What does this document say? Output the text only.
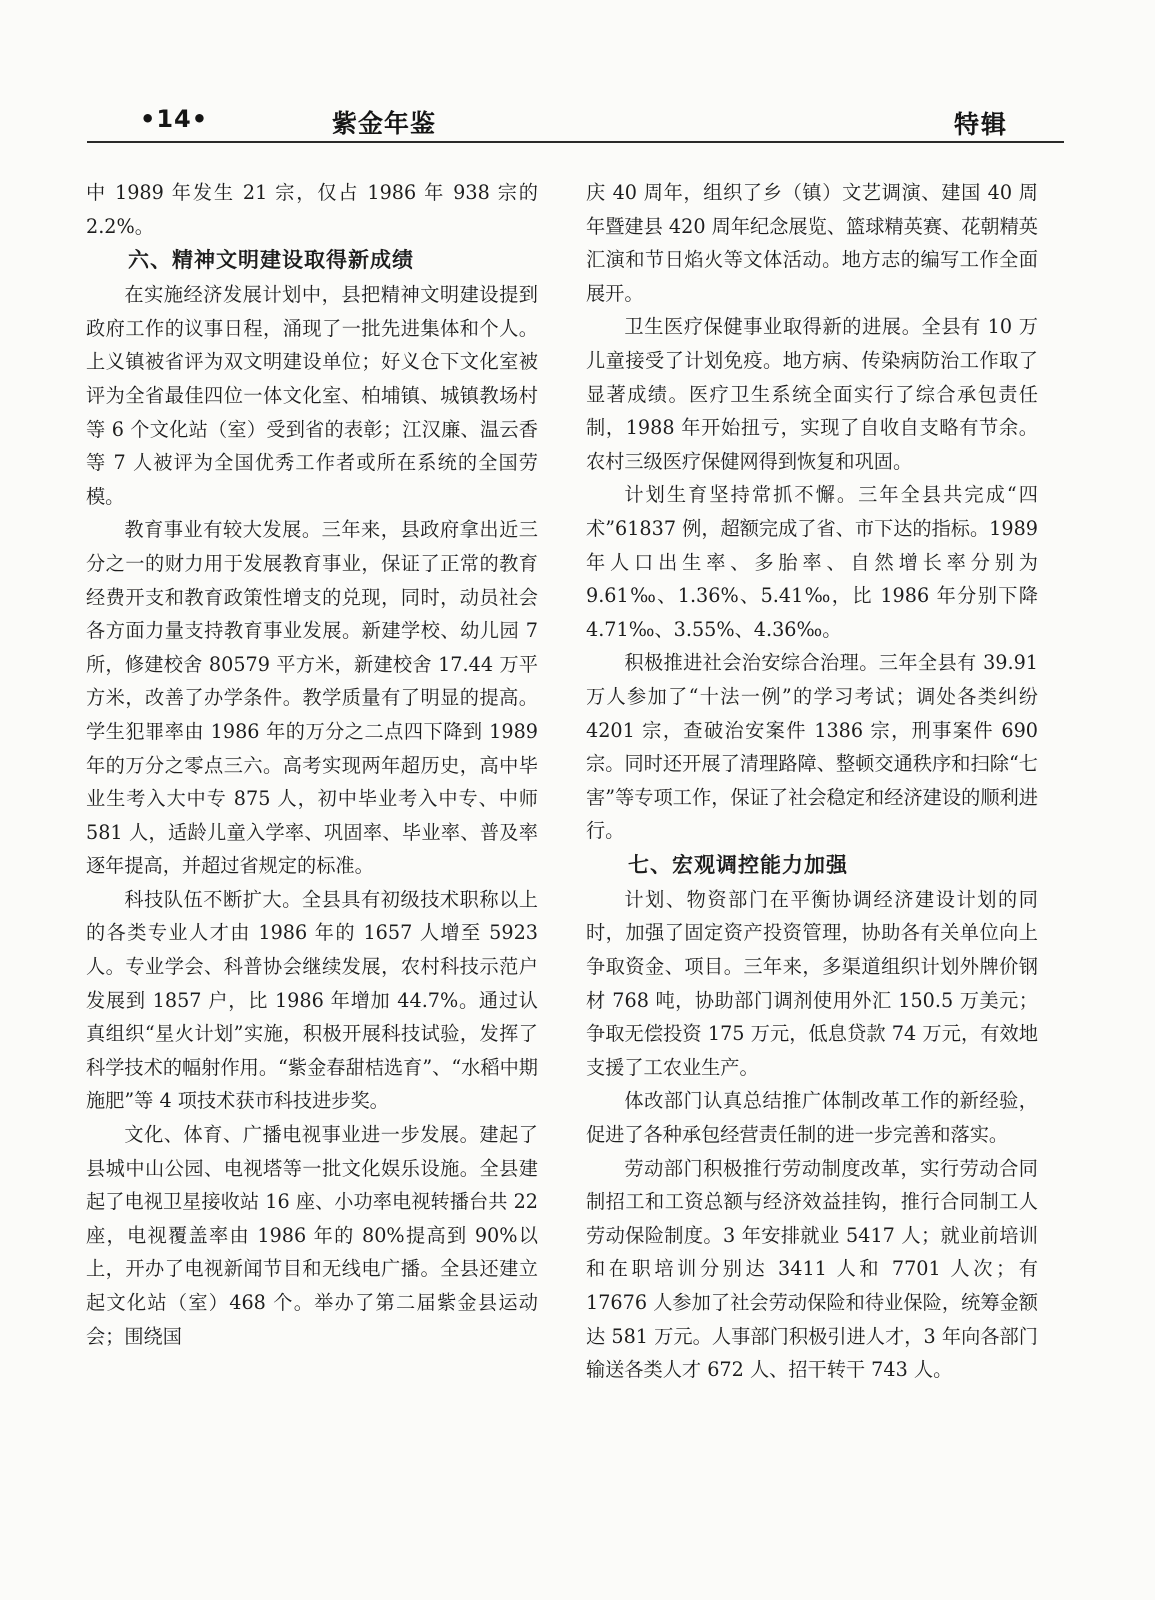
•14•	紫金年鉴	特辑

中 1989 年发生 21 宗，仅占 1986 年 938 宗的 2.2%。

六、精神文明建设取得新成绩

在实施经济发展计划中，县把精神文明建设提到政府工作的议事日程，涌现了一批先进集体和个人。上义镇被省评为双文明建设单位；好义仓下文化室被评为全省最佳四位一体文化室、柏埔镇、城镇教场村等 6 个文化站（室）受到省的表彰；江汉廉、温云香等 7 人被评为全国优秀工作者或所在系统的全国劳模。

教育事业有较大发展。三年来，县政府拿出近三分之一的财力用于发展教育事业，保证了正常的教育经费开支和教育政策性增支的兑现，同时，动员社会各方面力量支持教育事业发展。新建学校、幼儿园 7 所，修建校舍 80579 平方米，新建校舍 17.44 万平方米，改善了办学条件。教学质量有了明显的提高。学生犯罪率由 1986 年的万分之二点四下降到 1989 年的万分之零点三六。高考实现两年超历史，高中毕业生考入大中专 875 人，初中毕业考入中专、中师 581 人，适龄儿童入学率、巩固率、毕业率、普及率逐年提高，并超过省规定的标准。

科技队伍不断扩大。全县具有初级技术职称以上的各类专业人才由 1986 年的 1657 人增至 5923 人。专业学会、科普协会继续发展，农村科技示范户发展到 1857 户，比 1986 年增加 44.7%。通过认真组织“星火计划”实施，积极开展科技试验，发挥了科学技术的幅射作用。“紫金春甜桔选育”、“水稻中期施肥”等 4 项技术获市科技进步奖。

文化、体育、广播电视事业进一步发展。建起了县城中山公园、电视塔等一批文化娱乐设施。全县建起了电视卫星接收站 16 座、小功率电视转播台共 22 座，电视覆盖率由 1986 年的 80%提高到 90%以上，开办了电视新闻节目和无线电广播。全县还建立起文化站（室）468 个。举办了第二届紫金县运动会；围绕国

庆 40 周年，组织了乡（镇）文艺调演、建国 40 周年暨建县 420 周年纪念展览、篮球精英赛、花朝精英汇演和节日焰火等文体活动。地方志的编写工作全面展开。

卫生医疗保健事业取得新的进展。全县有 10 万儿童接受了计划免疫。地方病、传染病防治工作取了显著成绩。医疗卫生系统全面实行了综合承包责任制，1988 年开始扭亏，实现了自收自支略有节余。农村三级医疗保健网得到恢复和巩固。

计划生育坚持常抓不懈。三年全县共完成“四术”61837 例，超额完成了省、市下达的指标。1989 年人口出生率、多胎率、自然增长率分别为 9.61‰、1.36%、5.41‰，比 1986 年分别下降 4.71‰、3.55%、4.36‰。

积极推进社会治安综合治理。三年全县有 39.91 万人参加了“十法一例”的学习考试；调处各类纠纷 4201 宗，查破治安案件 1386 宗，刑事案件 690 宗。同时还开展了清理路障、整顿交通秩序和扫除“七害”等专项工作，保证了社会稳定和经济建设的顺利进行。

七、宏观调控能力加强

计划、物资部门在平衡协调经济建设计划的同时，加强了固定资产投资管理，协助各有关单位向上争取资金、项目。三年来，多渠道组织计划外牌价钢材 768 吨，协助部门调剂使用外汇 150.5 万美元；争取无偿投资 175 万元，低息贷款 74 万元，有效地支援了工农业生产。

体改部门认真总结推广体制改革工作的新经验，促进了各种承包经营责任制的进一步完善和落实。

劳动部门积极推行劳动制度改革，实行劳动合同制招工和工资总额与经济效益挂钩，推行合同制工人劳动保险制度。3 年安排就业 5417 人；就业前培训和在职培训分别达 3411 人和 7701 人次；有 17676 人参加了社会劳动保险和待业保险，统筹金额达 581 万元。人事部门积极引进人才，3 年向各部门输送各类人才 672 人、招干转干 743 人。
